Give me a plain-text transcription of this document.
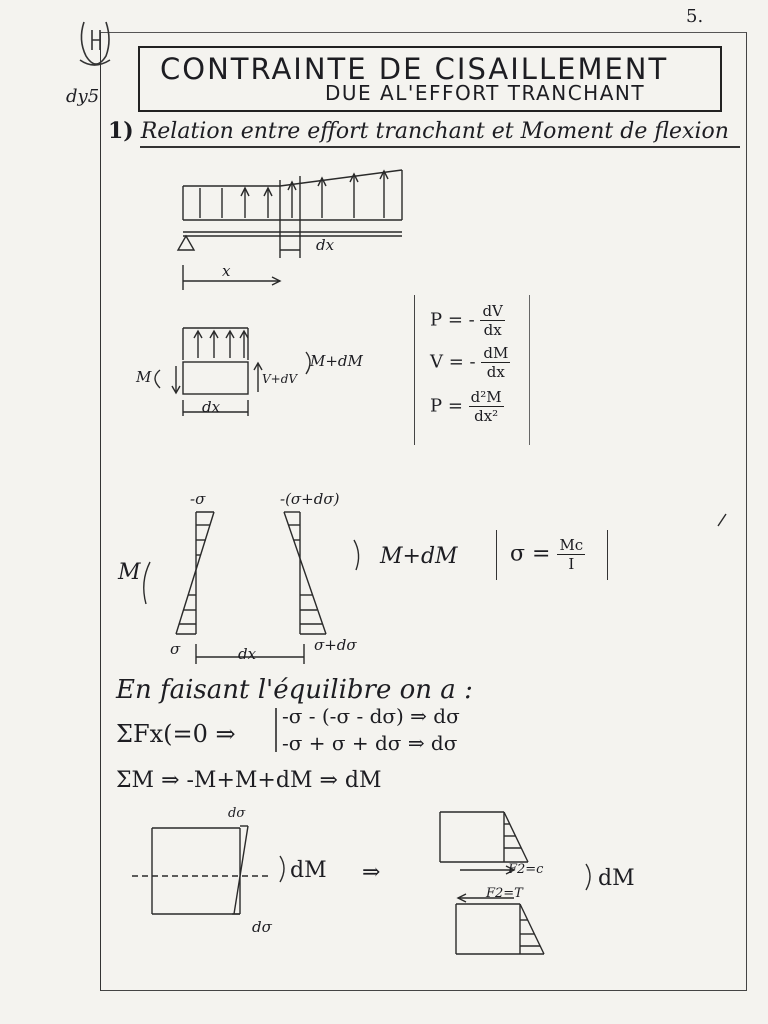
5.
dy5
CONTRAINTE DE CISAILLEMENT
DUE AL'EFFORT TRANCHANT
1) Relation entre effort tranchant et Moment de flexion
dx
x
M
M+dM
V+dV
dx
P = - $\frac{dV}{dx}$
V = - $\frac{dM}{dx}$
$P = \frac{\text{d²M}}{\text{dx²}}$
-σ	-(σ+dσ)
σ	σ+dσ
M
M+dM
dx
$\sigma = \frac{Mc}{I}$
En faisant l'équilibre on a :
ΣFx(=0 ⇒
-σ - (-σ - dσ) ⇒ dσ
-σ + σ + dσ ⇒ dσ
ΣM ⇒ -M+M+dM ⇒ dM
dσ
dσ
dM ⇒	F2=c
F2=T
dM
